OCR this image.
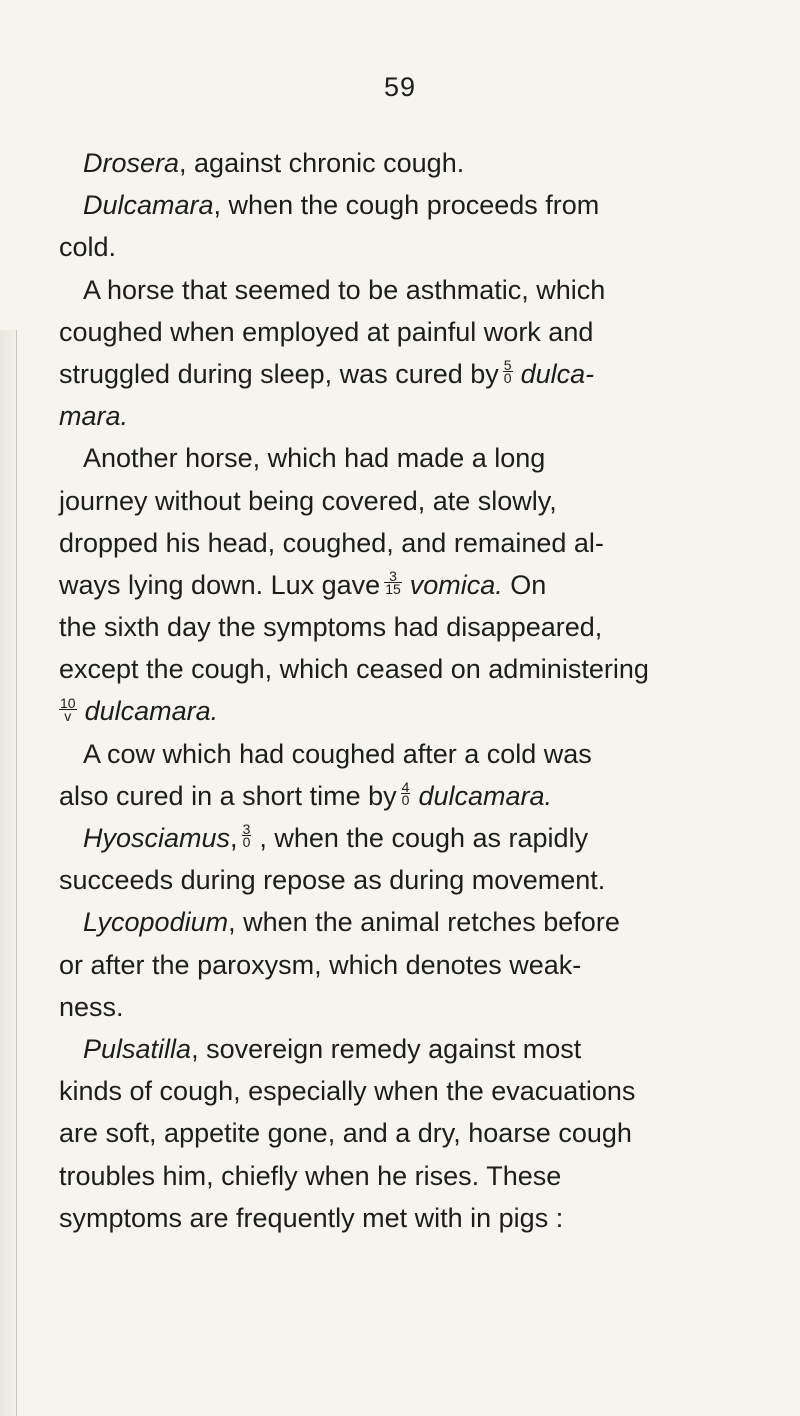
59
Drosera, against chronic cough.
Dulcamara, when the cough proceeds from
cold.
A horse that seemed to be asthmatic, which
coughed when employed at painful work and
struggled during sleep, was cured by $\frac{5}{0}$ dulca-
mara.
Another horse, which had made a long
journey without being covered, ate slowly,
dropped his head, coughed, and remained al-
ways lying down. Lux gave $\frac{3}{15}$ vomica. On
the sixth day the symptoms had disappeared,
except the cough, which ceased on administering
$\frac{10}{v}$ dulcamara.
A cow which had coughed after a cold was
also cured in a short time by $\frac{4}{0}$ dulcamara.
Hyosciamus, $\frac{3}{0}$ , when the cough as rapidly
succeeds during repose as during movement.
Lycopodium, when the animal retches before
or after the paroxysm, which denotes weak-
ness.
Pulsatilla, sovereign remedy against most
kinds of cough, especially when the evacuations
are soft, appetite gone, and a dry, hoarse cough
troubles him, chiefly when he rises. These
symptoms are frequently met with in pigs :
